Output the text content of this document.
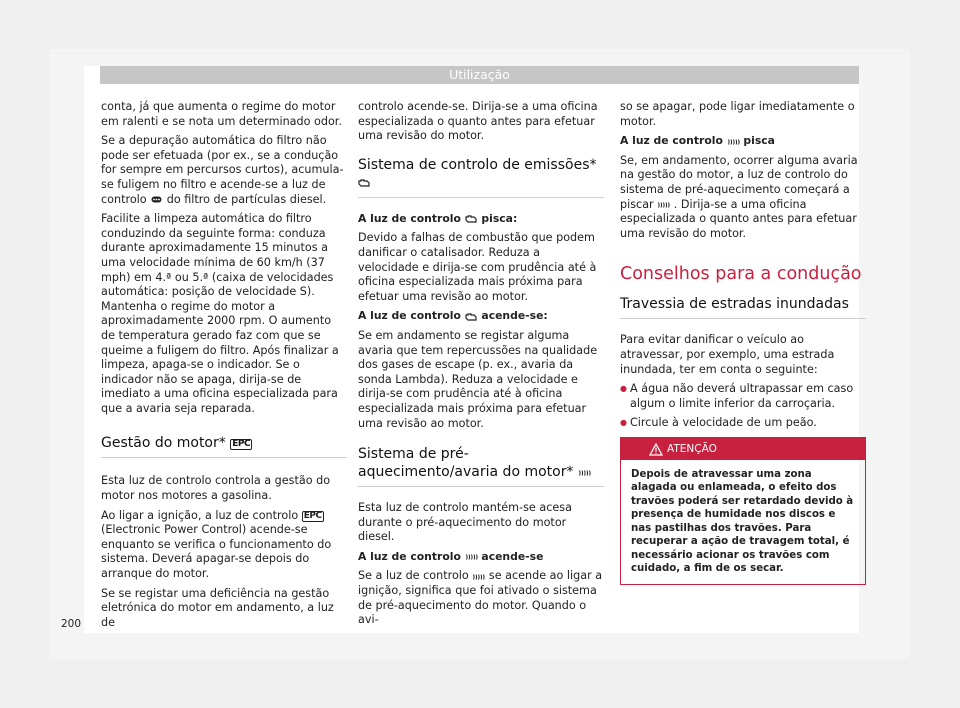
Utilização

conta, já que aumenta o regime do motor em ralenti e se nota um determinado odor.

Se a depuração automática do filtro não pode ser efetuada (por ex., se a condução for sempre em percursos curtos), acumula-se fuligem no filtro e acende-se a luz de controlo do filtro de partículas diesel.

Facilite a limpeza automática do filtro conduzindo da seguinte forma: conduza durante aproximadamente 15 minutos a uma velocidade mínima de 60 km/h (37 mph) em 4.ª ou 5.ª (caixa de velocidades automática: posição de velocidade S). Mantenha o regime do motor a aproximadamente 2000 rpm. O aumento de temperatura gerado faz com que se queime a fuligem do filtro. Após finalizar a limpeza, apaga-se o indicador. Se o indicador não se apaga, dirija-se de imediato a uma oficina especializada para que a avaria seja reparada.

Gestão do motor* EPC

Esta luz de controlo controla a gestão do motor nos motores a gasolina.

Ao ligar a ignição, a luz de controlo EPC (Electronic Power Control) acende-se enquanto se verifica o funcionamento do sistema. Deverá apagar-se depois do arranque do motor.

Se se registar uma deficiência na gestão eletrónica do motor em andamento, a luz de

controlo acende-se. Dirija-se a uma oficina especializada o quanto antes para efetuar uma revisão do motor.

Sistema de controlo de emissões*

A luz de controlo pisca:

Devido a falhas de combustão que podem danificar o catalisador. Reduza a velocidade e dirija-se com prudência até à oficina especializada mais próxima para efetuar uma revisão ao motor.

A luz de controlo acende-se:

Se em andamento se registar alguma avaria que tem repercussões na qualidade dos gases de escape (p. ex., avaria da sonda Lambda). Reduza a velocidade e dirija-se com prudência até à oficina especializada mais próxima para efetuar uma revisão ao motor.

Sistema de pré-aquecimento/avaria do motor*

Esta luz de controlo mantém-se acesa durante o pré-aquecimento do motor diesel.

A luz de controlo acende-se

Se a luz de controlo se acende ao ligar a ignição, significa que foi ativado o sistema de pré-aquecimento do motor. Quando o avi-

so se apagar, pode ligar imediatamente o motor.

A luz de controlo pisca

Se, em andamento, ocorrer alguma avaria na gestão do motor, a luz de controlo do sistema de pré-aquecimento começará a piscar . Dirija-se a uma oficina especializada o quanto antes para efetuar uma revisão do motor.

Conselhos para a condução
Travessia de estradas inundadas

Para evitar danificar o veículo ao atravessar, por exemplo, uma estrada inundada, ter em conta o seguinte:

● A água não deverá ultrapassar em caso algum o limite inferior da carroçaria.

● Circule à velocidade de um peão.

ATENÇÃO
Depois de atravessar uma zona alagada ou enlameada, o efeito dos travões poderá ser retardado devido à presença de humidade nos discos e nas pastilhas dos travões. Para recuperar a ação de travagem total, é necessário acionar os travões com cuidado, a fim de os secar.
200
